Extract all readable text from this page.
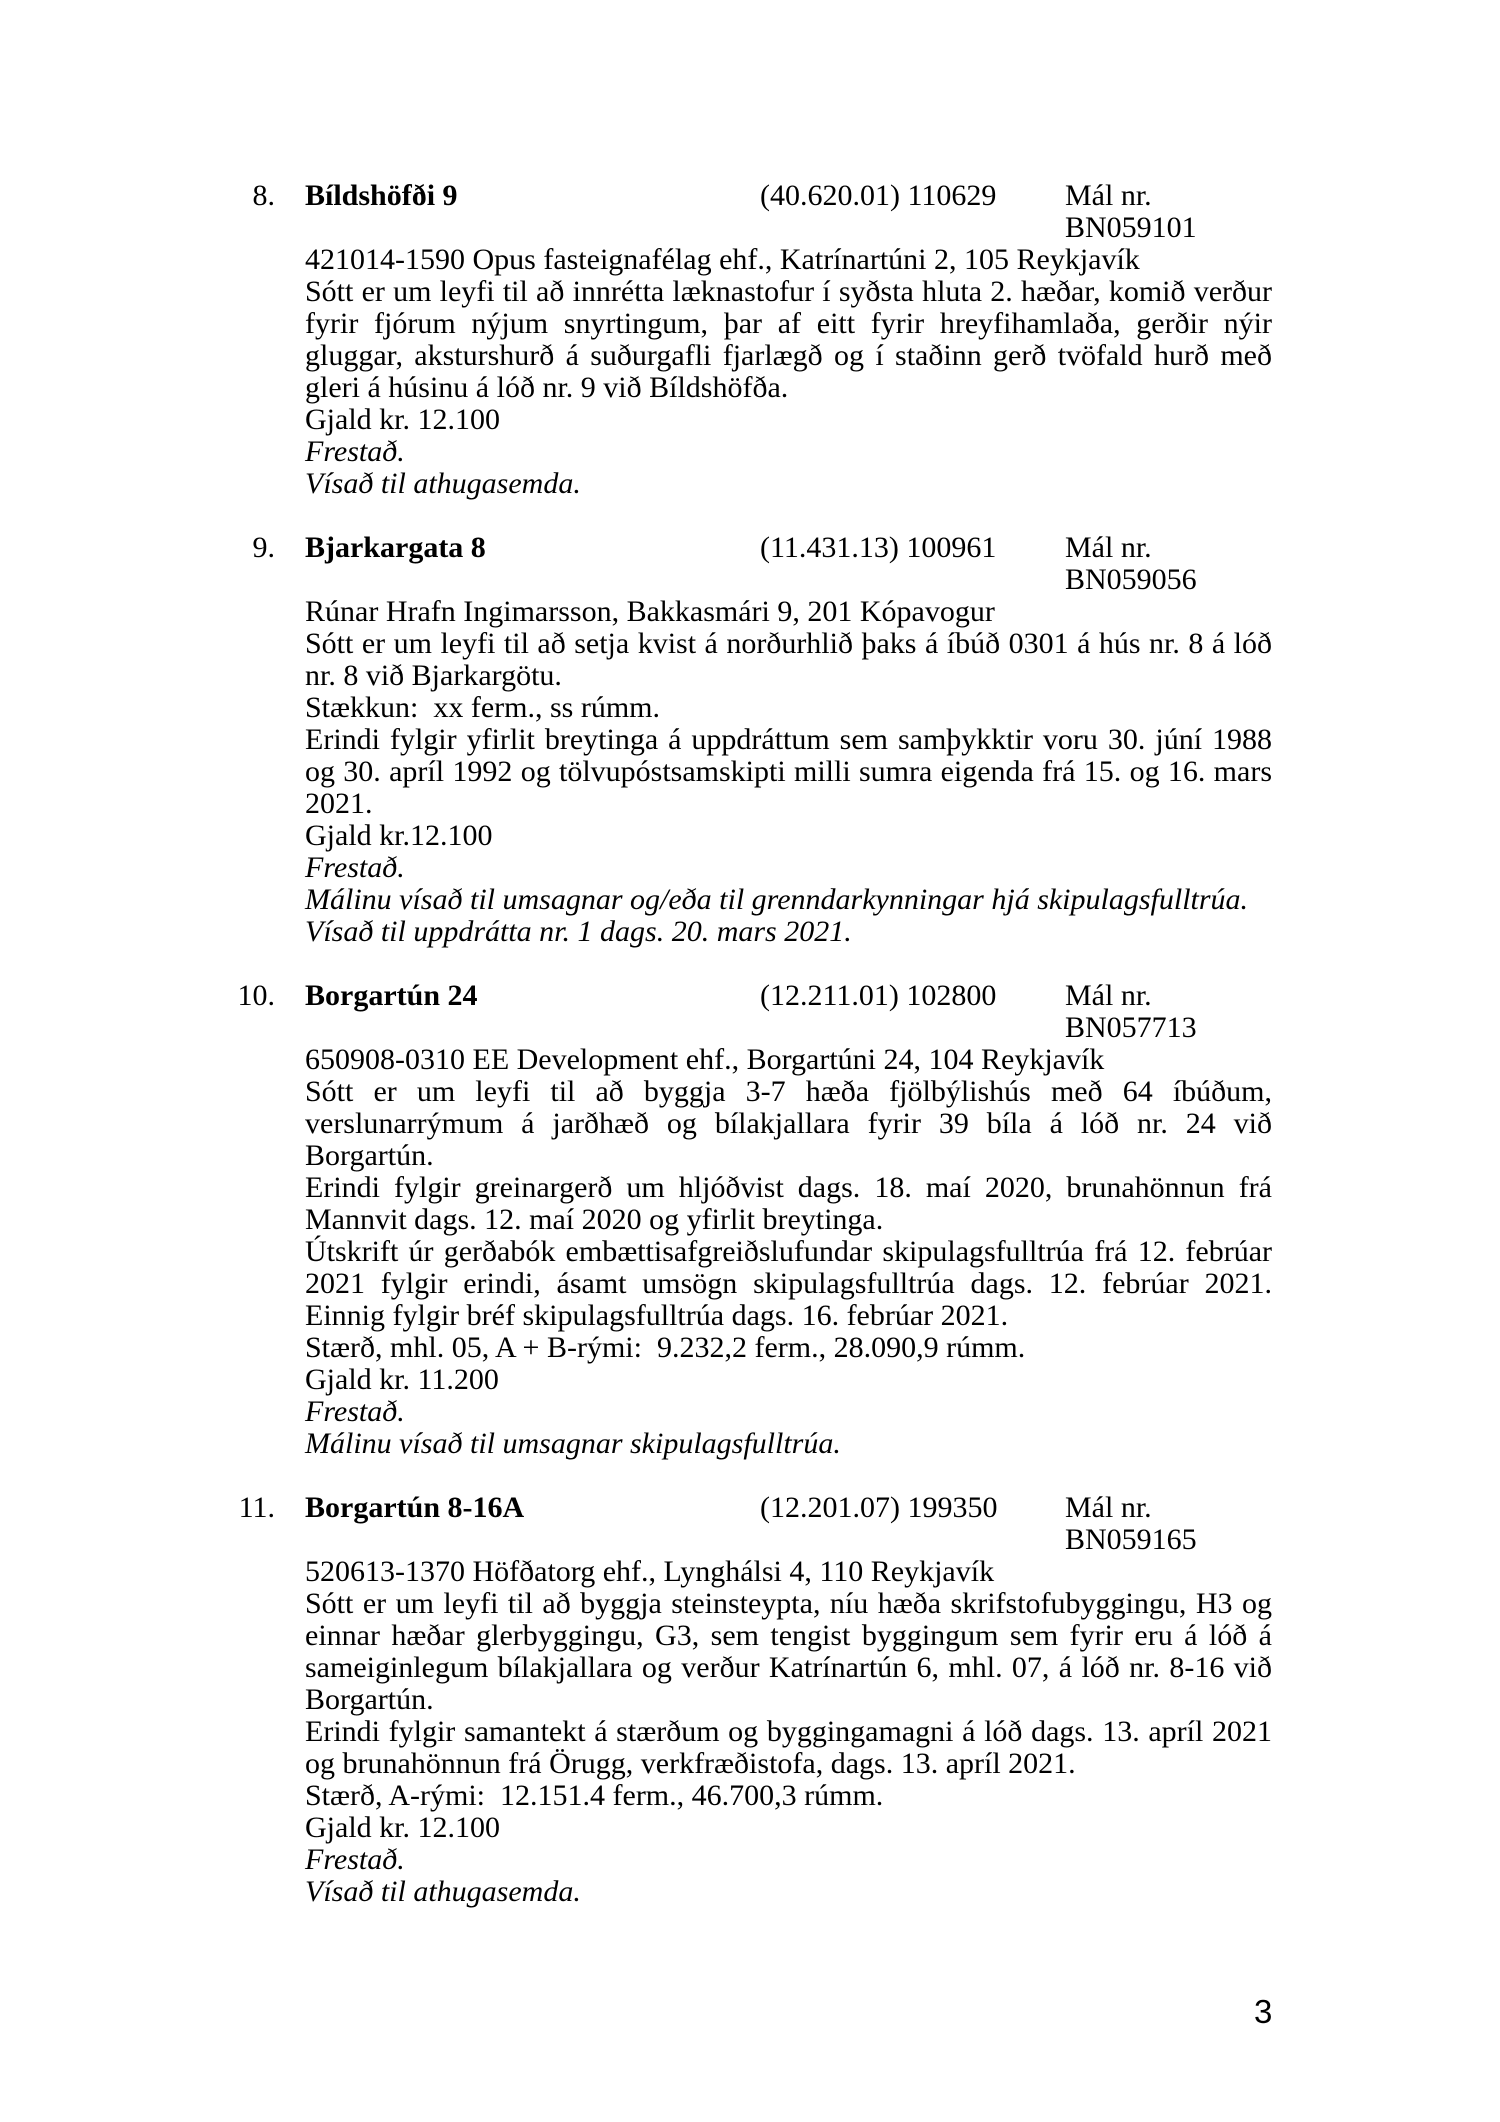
8. Bíldshöfði 9	(40.620.01) 110629	Mál nr. BN059101

421014-1590 Opus fasteignafélag ehf., Katrínartúni 2, 105 Reykjavík

Sótt er um leyfi til að innrétta læknastofur í syðsta hluta 2. hæðar, komið verður fyrir fjórum nýjum snyrtingum, þar af eitt fyrir hreyfihamlaða, gerðir nýir gluggar, aksturshurð á suðurgafli fjarlægð og í staðinn gerð tvöfald hurð með gleri á húsinu á lóð nr. 9 við Bíldshöfða.

Gjald kr. 12.100

Frestað.

Vísað til athugasemda.

9. Bjarkargata 8	(11.431.13) 100961	Mál nr. BN059056

Rúnar Hrafn Ingimarsson, Bakkasmári 9, 201 Kópavogur

Sótt er um leyfi til að setja kvist á norðurhlið þaks á íbúð 0301 á hús nr. 8 á lóð nr. 8 við Bjarkargötu.

Stækkun:  xx ferm., ss rúmm.

Erindi fylgir yfirlit breytinga á uppdráttum sem samþykktir voru 30. júní 1988 og 30. apríl 1992 og tölvupóstsamskipti milli sumra eigenda frá 15. og 16. mars 2021.

Gjald kr.12.100

Frestað.

Málinu vísað til umsagnar og/eða til grenndarkynningar hjá skipulagsfulltrúa.

Vísað til uppdrátta nr. 1 dags. 20. mars 2021.

10. Borgartún 24	(12.211.01) 102800	Mál nr. BN057713

650908-0310 EE Development ehf., Borgartúni 24, 104 Reykjavík

Sótt er um leyfi til að byggja 3-7 hæða fjölbýlishús með 64 íbúðum, verslunarrýmum á jarðhæð og bílakjallara fyrir 39 bíla á lóð nr. 24 við Borgartún.

Erindi fylgir greinargerð um hljóðvist dags. 18. maí 2020, brunahönnun frá Mannvit dags. 12. maí 2020 og yfirlit breytinga.

Útskrift úr gerðabók embættisafgreiðslufundar skipulagsfulltrúa frá 12. febrúar 2021 fylgir erindi, ásamt umsögn skipulagsfulltrúa dags. 12. febrúar 2021. Einnig fylgir bréf skipulagsfulltrúa dags. 16. febrúar 2021.

Stærð, mhl. 05, A + B-rými:  9.232,2 ferm., 28.090,9 rúmm.

Gjald kr. 11.200

Frestað.

Málinu vísað til umsagnar skipulagsfulltrúa.

11. Borgartún 8-16A	(12.201.07) 199350	Mál nr. BN059165

520613-1370 Höfðatorg ehf., Lynghálsi 4, 110 Reykjavík

Sótt er um leyfi til að byggja steinsteypta, níu hæða skrifstofubyggingu, H3 og einnar hæðar glerbyggingu, G3, sem tengist byggingum sem fyrir eru á lóð á sameiginlegum bílakjallara og verður Katrínartún 6, mhl. 07, á lóð nr. 8-16 við Borgartún.

Erindi fylgir samantekt á stærðum og byggingamagni á lóð dags. 13. apríl 2021 og brunahönnun frá Örugg, verkfræðistofa, dags. 13. apríl 2021.

Stærð, A-rými:  12.151.4 ferm., 46.700,3 rúmm.

Gjald kr. 12.100

Frestað.

Vísað til athugasemda.

3
